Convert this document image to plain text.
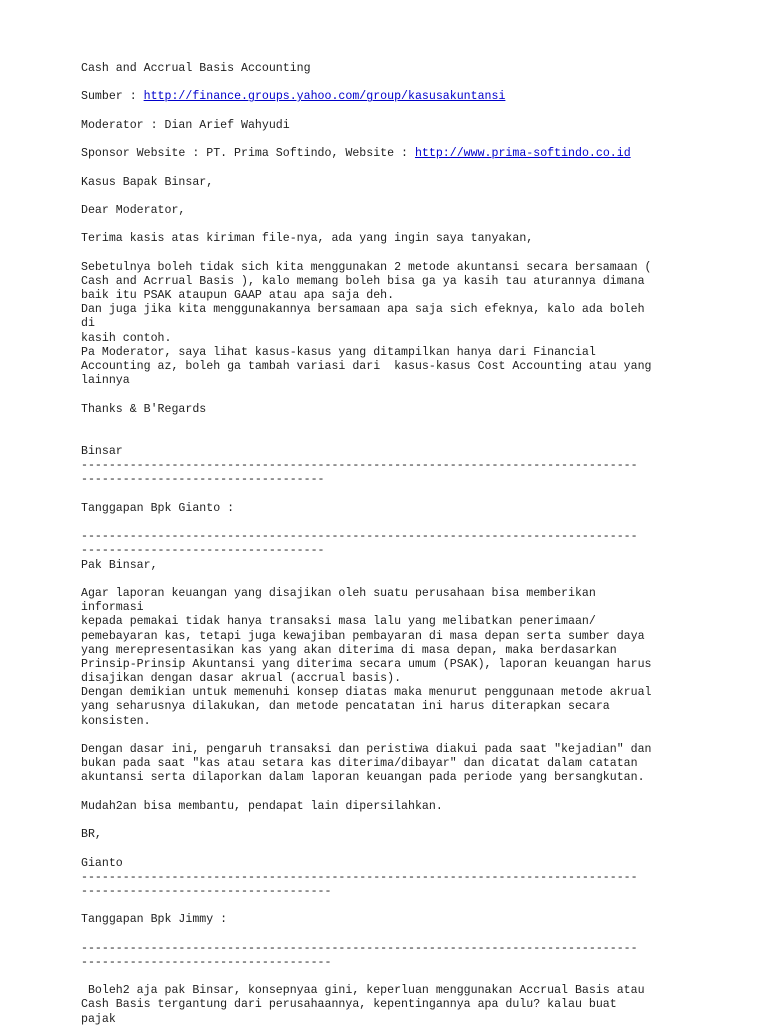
Cash and Accrual Basis Accounting
Sumber : http://finance.groups.yahoo.com/group/kasusakuntansi
Moderator : Dian Arief Wahyudi
Sponsor Website : PT. Prima Softindo, Website : http://www.prima-softindo.co.id
Kasus Bapak Binsar,
Dear Moderator,
Terima kasis atas kiriman file-nya, ada yang ingin saya tanyakan,
Sebetulnya boleh tidak sich kita menggunakan 2 metode akuntansi secara bersamaan (
Cash and Acrrual Basis ), kalo memang boleh bisa ga ya kasih tau aturannya dimana
baik itu PSAK ataupun GAAP atau apa saja deh.
Dan juga jika kita menggunakannya bersamaan apa saja sich efeknya, kalo ada boleh
di
kasih contoh.
Pa Moderator, saya lihat kasus-kasus yang ditampilkan hanya dari Financial
Accounting az, boleh ga tambah variasi dari  kasus-kasus Cost Accounting atau yang
lainnya
Thanks & B'Regards
Binsar
--------------------------------------------------------------------------------
-----------------------------------
Tanggapan Bpk Gianto :
--------------------------------------------------------------------------------
-----------------------------------
Pak Binsar,
Agar laporan keuangan yang disajikan oleh suatu perusahaan bisa memberikan
informasi
kepada pemakai tidak hanya transaksi masa lalu yang melibatkan penerimaan/
pemebayaran kas, tetapi juga kewajiban pembayaran di masa depan serta sumber daya
yang merepresentasikan kas yang akan diterima di masa depan, maka berdasarkan
Prinsip-Prinsip Akuntansi yang diterima secara umum (PSAK), laporan keuangan harus
disajikan dengan dasar akrual (accrual basis).
Dengan demikian untuk memenuhi konsep diatas maka menurut penggunaan metode akrual
yang seharusnya dilakukan, dan metode pencatatan ini harus diterapkan secara
konsisten.
Dengan dasar ini, pengaruh transaksi dan peristiwa diakui pada saat "kejadian" dan
bukan pada saat "kas atau setara kas diterima/dibayar" dan dicatat dalam catatan
akuntansi serta dilaporkan dalam laporan keuangan pada periode yang bersangkutan.
Mudah2an bisa membantu, pendapat lain dipersilahkan.
BR,
Gianto
--------------------------------------------------------------------------------
------------------------------------
Tanggapan Bpk Jimmy :
--------------------------------------------------------------------------------
------------------------------------
Boleh2 aja pak Binsar, konsepnyaa gini, keperluan menggunakan Accrual Basis atau
Cash Basis tergantung dari perusahaannya, kepentingannya apa dulu? kalau buat
pajak
